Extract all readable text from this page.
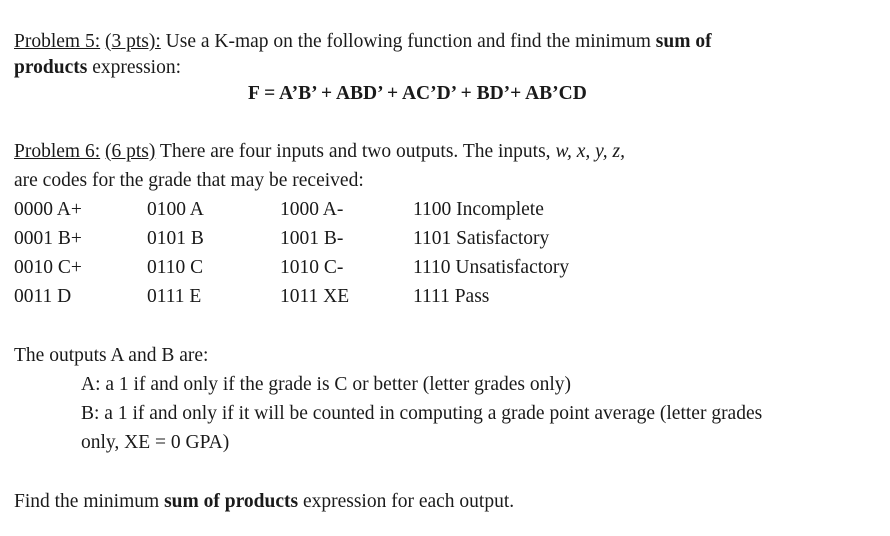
Problem 5: (3 pts): Use a K-map on the following function and find the minimum sum of
products expression:
F = A’B’ + ABD’ + AC’D’ + BD’+ AB’CD
Problem 6: (6 pts) There are four inputs and two outputs. The inputs, w, x, y, z,
are codes for the grade that may be received:
0000 A+	0100 A	1000 A-	1100 Incomplete
0001 B+	0101 B	1001 B-	1101 Satisfactory
0010 C+	0110 C	1010 C-	1110 Unsatisfactory
0011 D	0111 E	1011 XE	1111 Pass
The outputs A and B are:
A: a 1 if and only if the grade is C or better (letter grades only)
B: a 1 if and only if it will be counted in computing a grade point average (letter grades
only, XE = 0 GPA)
Find the minimum sum of products expression for each output.
